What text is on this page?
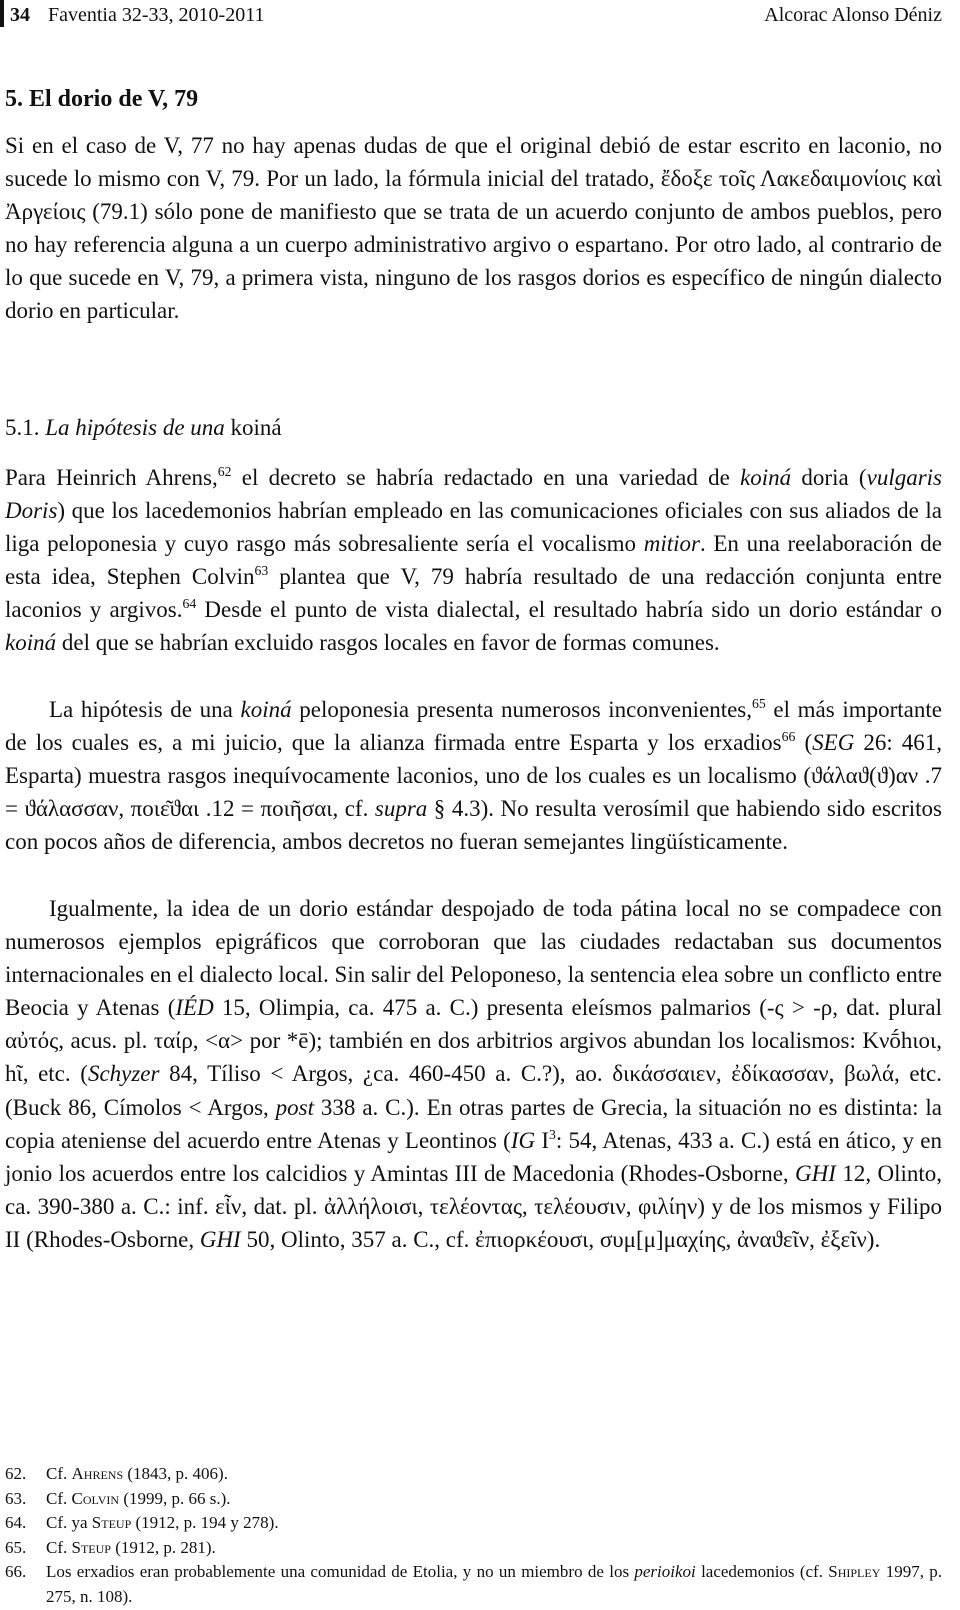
34 Faventia 32-33, 2010-2011	Alcorac Alonso Déniz
5. El dorio de V, 79

Si en el caso de V, 77 no hay apenas dudas de que el original debió de estar escrito en laconio, no sucede lo mismo con V, 79. Por un lado, la fórmula inicial del tratado, ἔδοξε τοῖς Λακεδαιμονίοις καὶ Ἀργείοις (79.1) sólo pone de manifiesto que se trata de un acuerdo conjunto de ambos pueblos, pero no hay referencia alguna a un cuerpo administrativo argivo o espartano. Por otro lado, al contrario de lo que sucede en V, 79, a primera vista, ninguno de los rasgos dorios es específico de ningún dialecto dorio en particular.

5.1. La hipótesis de una koiná

Para Heinrich Ahrens,$^{62}$ el decreto se habría redactado en una variedad de koiná doria (vulgaris Doris) que los lacedemonios habrían empleado en las comunicaciones oficiales con sus aliados de la liga peloponesia y cuyo rasgo más sobresaliente sería el vocalismo mitior. En una reelaboración de esta idea, Stephen Colvin$^{63}$ plantea que V, 79 habría resultado de una redacción conjunta entre laconios y argivos.$^{64}$ Desde el punto de vista dialectal, el resultado habría sido un dorio estándar o koiná del que se habrían excluido rasgos locales en favor de formas comunes.

La hipótesis de una koiná peloponesia presenta numerosos inconvenientes,$^{65}$ el más importante de los cuales es, a mi juicio, que la alianza firmada entre Esparta y los erxadios$^{66}$ (SEG 26: 461, Esparta) muestra rasgos inequívocamente laconios, uno de los cuales es un localismo (ϑάλαϑ(ϑ)αν .7 = ϑάλασσαν, ποιε͂ϑαι .12 = ποιῆσαι, cf. supra § 4.3). No resulta verosímil que habiendo sido escritos con pocos años de diferencia, ambos decretos no fueran semejantes lingüísticamente.

Igualmente, la idea de un dorio estándar despojado de toda pátina local no se compadece con numerosos ejemplos epigráficos que corroboran que las ciudades redactaban sus documentos internacionales en el dialecto local. Sin salir del Peloponeso, la sentencia elea sobre un conflicto entre Beocia y Atenas (IÉD 15, Olimpia, ca. 475 a. C.) presenta eleísmos palmarios (-ς > -ρ, dat. plural αὐτός, acus. pl. ταίρ, <α> por *ē); también en dos arbitrios argivos abundan los localismos: Κνṓhιοι, hῖ, etc. (Schyzer 84, Tíliso < Argos, ¿ca. 460-450 a. C.?), ao. δικάσσαιεν, ἐδίκασσαν, βωλά, etc. (Buck 86, Címolos < Argos, post 338 a. C.). En otras partes de Grecia, la situación no es distinta: la copia ateniense del acuerdo entre Atenas y Leontinos (IG $I^3$: 54, Atenas, 433 a. C.) está en ático, y en jonio los acuerdos entre los calcidios y Amintas III de Macedonia (Rhodes-Osborne, GHI 12, Olinto, ca. 390-380 a. C.: inf. εἶν, dat. pl. ἀλλήλοισι, τελέοντας, τελέουσιν, φιλίην) y de los mismos y Filipo II (Rhodes-Osborne, GHI 50, Olinto, 357 a. C., cf. ἐπιορκέουσι, συμ[μ]μαχίης, ἀναϑεῖν, ἐξεῖν).

62.	Cf. Ahrens (1843, p. 406).
63.	Cf. Colvin (1999, p. 66 s.).
64.	Cf. ya Steup (1912, p. 194 y 278).
65.	Cf. Steup (1912, p. 281).
66.	Los erxadios eran probablemente una comunidad de Etolia, y no un miembro de los perioikoi lacedemonios (cf. Shipley 1997, p. 275, n. 108).
